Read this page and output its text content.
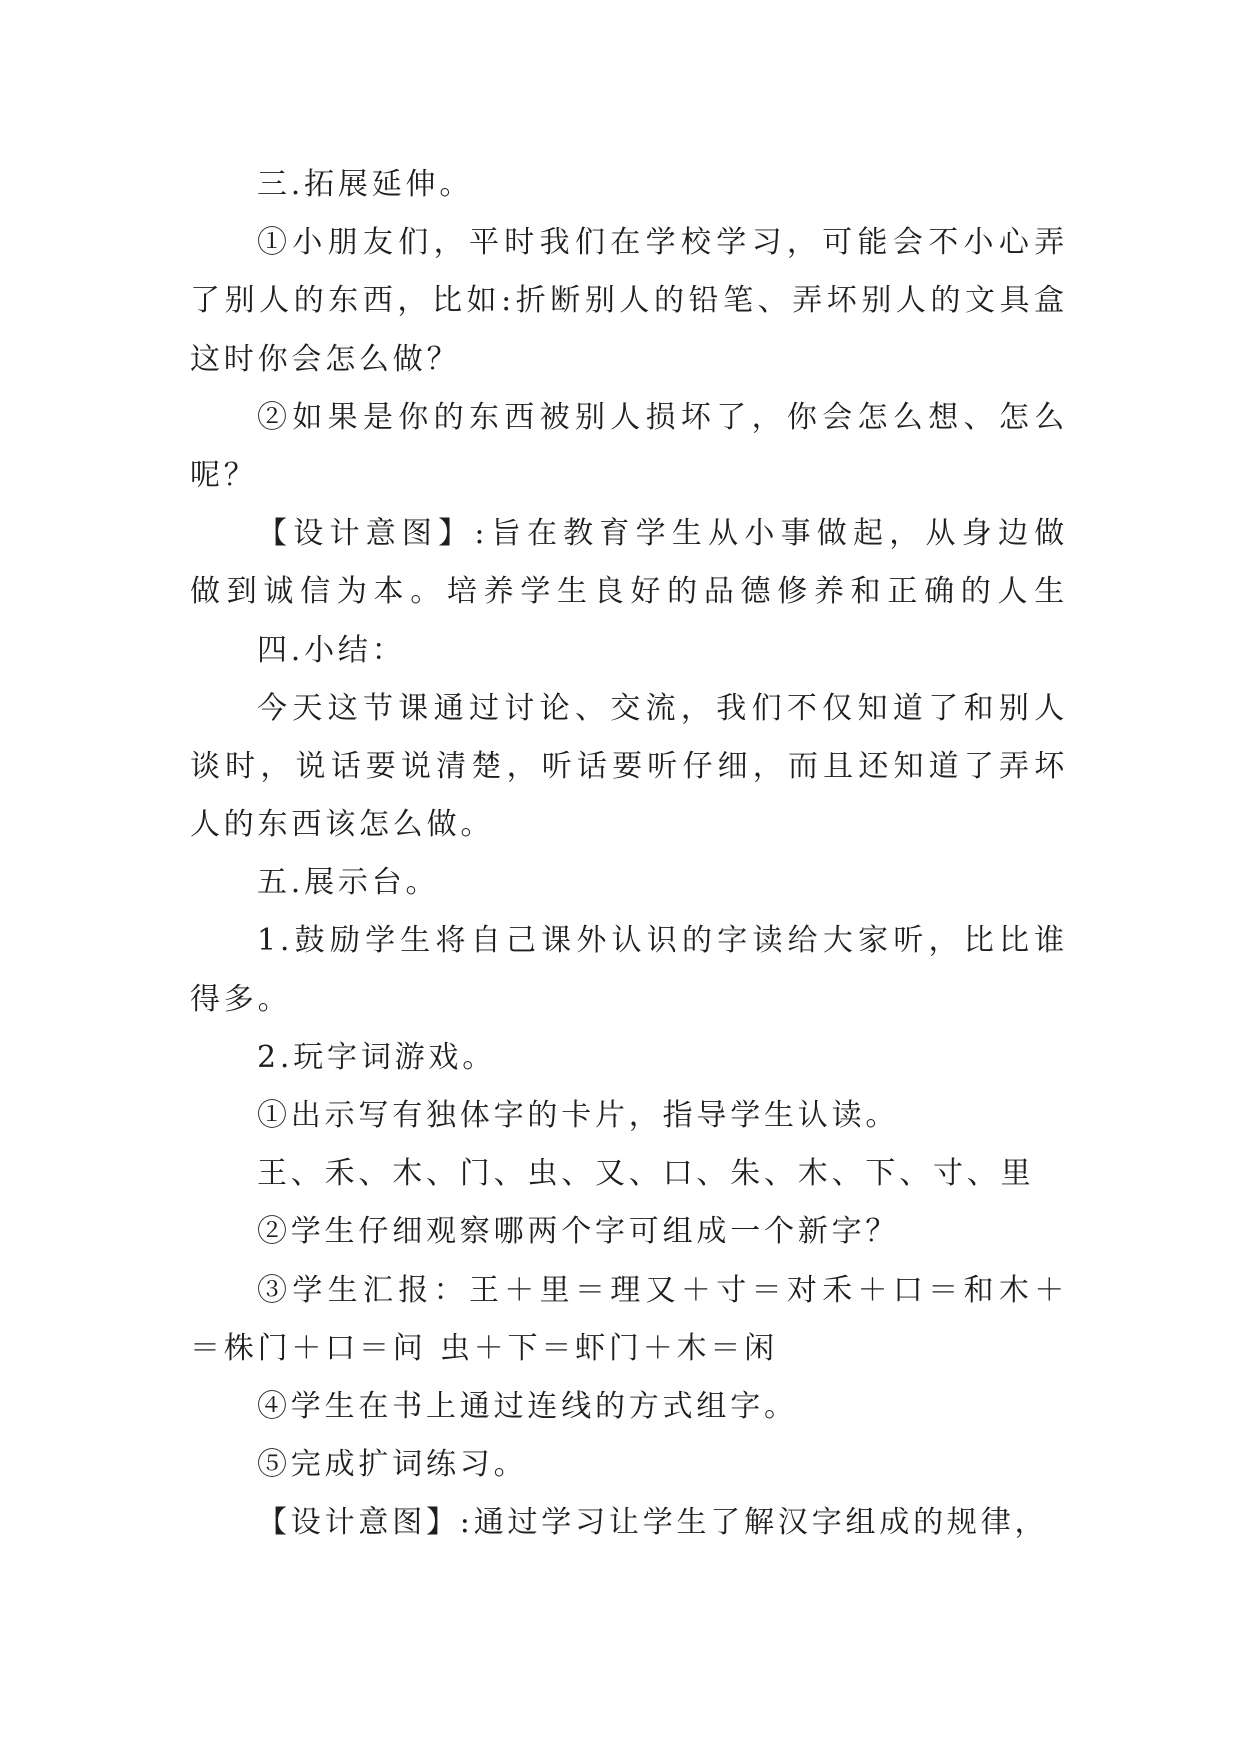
三.拓展延伸。
①小朋友们，平时我们在学校学习，可能会不小心弄
了别人的东西，比如:折断别人的铅笔、弄坏别人的文具盒
这时你会怎么做？
②如果是你的东西被别人损坏了，你会怎么想、怎么
呢？
【设计意图】:旨在教育学生从小事做起，从身边做
做到诚信为本。培养学生良好的品德修养和正确的人生
四.小结：
今天这节课通过讨论、交流，我们不仅知道了和别人
谈时，说话要说清楚，听话要听仔细，而且还知道了弄坏
人的东西该怎么做。
五.展示台。
1.鼓励学生将自己课外认识的字读给大家听，比比谁
得多。
2.玩字词游戏。
①出示写有独体字的卡片，指导学生认读。
王、禾、木、门、虫、又、口、朱、木、下、寸、里
②学生仔细观察哪两个字可组成一个新字？
③学生汇报：王＋里＝理又＋寸＝对禾＋口＝和木＋
＝株门＋口＝问 虫＋下＝虾门＋木＝闲
④学生在书上通过连线的方式组字。
⑤完成扩词练习。
【设计意图】:通过学习让学生了解汉字组成的规律，
